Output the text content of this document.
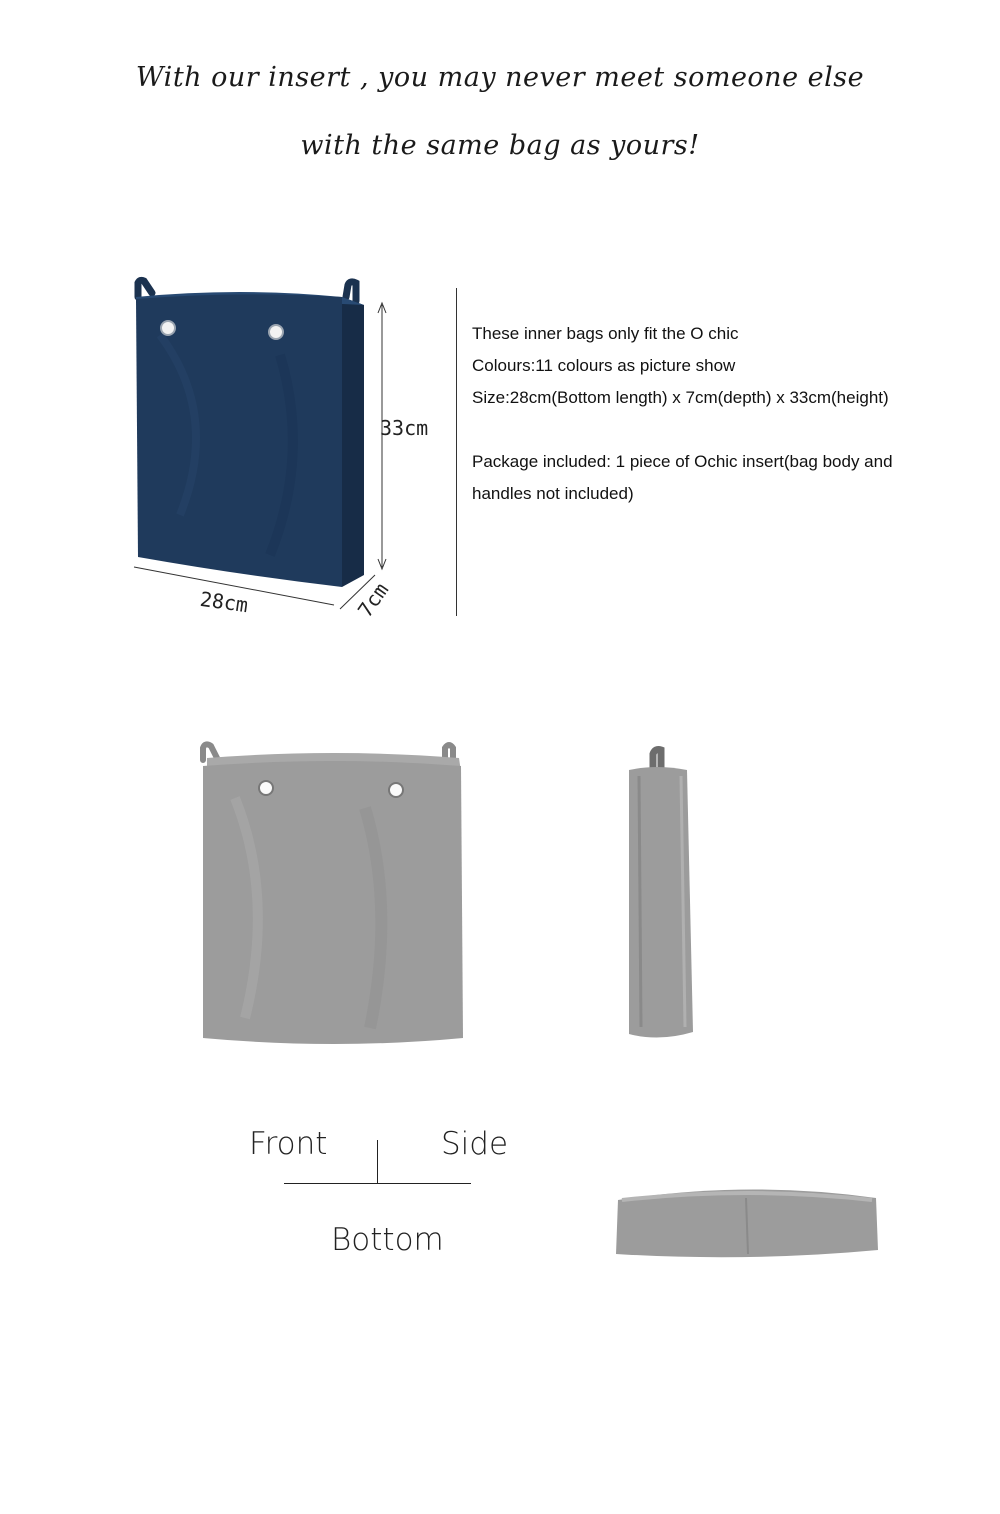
With our insert , you may never meet someone else
with the same bag as yours!
33cm
28cm	7cm
These inner bags only fit the O chic
Colours:11 colours as picture show
Size:28cm(Bottom length) x 7cm(depth) x 33cm(height)
Package included: 1 piece of Ochic insert(bag body and
handles not included)
Front	Side
Bottom
